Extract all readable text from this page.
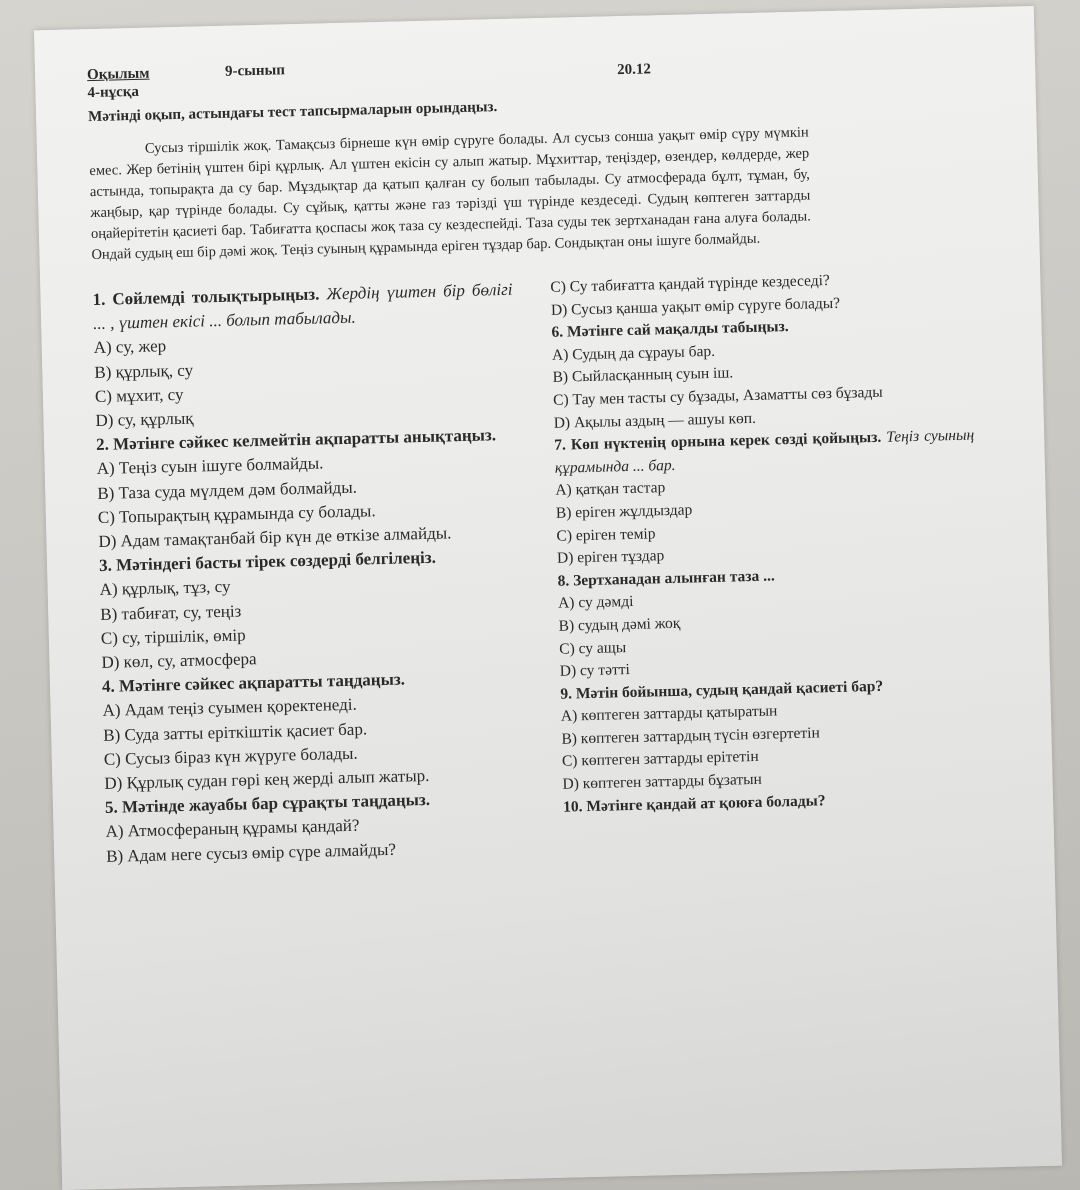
Оқылым	9-сынып	20.12
4-нұсқа
Мәтінді оқып, астындағы тест тапсырмаларын орындаңыз.

Сусыз тіршілік жоқ. Тамақсыз бірнеше күн өмір сүруге болады. Ал сусыз сонша уақыт өмір сүру мүмкін емес. Жер бетінің үштен бірі құрлық. Ал үштен екісін су алып жатыр. Мұхиттар, теңіздер, өзендер, көлдерде, жер астында, топырақта да су бар. Мұздықтар да қатып қалған су болып табылады. Су атмосферада бұлт, тұман, бу, жаңбыр, қар түрінде болады. Су сұйық, қатты және газ тәрізді үш түрінде кездеседі. Судың көптеген заттарды оңайерітетін қасиеті бар. Табиғатта қоспасы жоқ таза су кездеспейді. Таза суды тек зертханадан ғана алуға болады. Ондай судың еш бір дәмі жоқ. Теңіз суының құрамында еріген тұздар бар. Сондықтан оны ішуге болмайды.

1. Сөйлемді толықтырыңыз. Жердің үштен бір бөлігі ... , үштен екісі ... болып табылады.
A) су, жер
B) құрлық, су
C) мұхит, су
D) су, құрлық
2. Мәтінге сәйкес келмейтін ақпаратты анықтаңыз.
A) Теңіз суын ішуге болмайды.
B) Таза суда мүлдем дәм болмайды.
C) Топырақтың құрамында су болады.
D) Адам тамақтанбай бір күн де өткізе алмайды.
3. Мәтіндегі басты тірек сөздерді белгілеңіз.
A) құрлық, тұз, су
B) табиғат, су, теңіз
C) су, тіршілік, өмір
D) көл, су, атмосфера
4. Мәтінге сәйкес ақпаратты таңдаңыз.
A) Адам теңіз суымен қоректенеді.
B) Суда затты еріткіштік қасиет бар.
C) Сусыз біраз күн жүруге болады.
D) Құрлық судан гөрі кең жерді алып жатыр.
5. Мәтінде жауабы бар сұрақты таңдаңыз.
A) Атмосфераның құрамы қандай?
B) Адам неге сусыз өмір сүре алмайды?
C) Су табиғатта қандай түрінде кездеседі?
D) Сусыз қанша уақыт өмір сүруге болады?
6. Мәтінге сай мақалды табыңыз.
A) Судың да сұрауы бар.
B) Сыйласқанның суын іш.
C) Тау мен тасты су бұзады, Азаматты сөз бұзады
D) Ақылы аздың — ашуы көп.
7. Көп нүктенің орнына керек сөзді қойыңыз. Теңіз суының құрамында ... бар.
A) қатқан тастар
B) еріген жұлдыздар
C) еріген темір
D) еріген тұздар
8. Зертханадан алынған таза ...
A) су дәмді
B) судың дәмі жоқ
C) су ащы
D) су тәтті
9. Мәтін бойынша, судың қандай қасиеті бар?
A) көптеген заттарды қатыратын
B) көптеген заттардың түсін өзгертетін
C) көптеген заттарды ерітетін
D) көптеген заттарды бұзатын
10. Мәтінге қандай ат қоюға болады?
